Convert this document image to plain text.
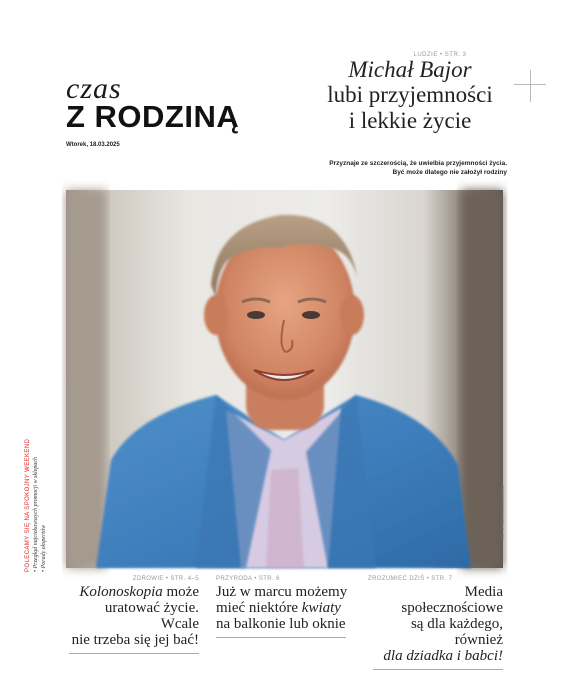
czas
Z RODZINĄ
Wtorek, 18.03.2025
LUDZIE • STR. 3
Michał Bajor
lubi przyjemności
i lekkie życie
Przyznaje ze szczerością, że uwielbia przyjemności życia.
Być może dlatego nie założył rodziny
FOT. ZYGMUNT JANKOWSKI
POLECAMY SIĘ NA SPOKOJNY WEEKEND • Przegląd najciekawszych promocji w sklepach • Porady ekspertów
ZDROWIE • STR. 4–5
Kolonoskopia może
uratować życie. Wcale
nie trzeba się jej bać!
PRZYRODA • STR. 6
Już w marcu możemy
mieć niektóre kwiaty
na balkonie lub oknie
ZROZUMIEĆ DZIŚ • STR. 7
Media społecznościowe
są dla każdego, również
dla dziadka i babci!
